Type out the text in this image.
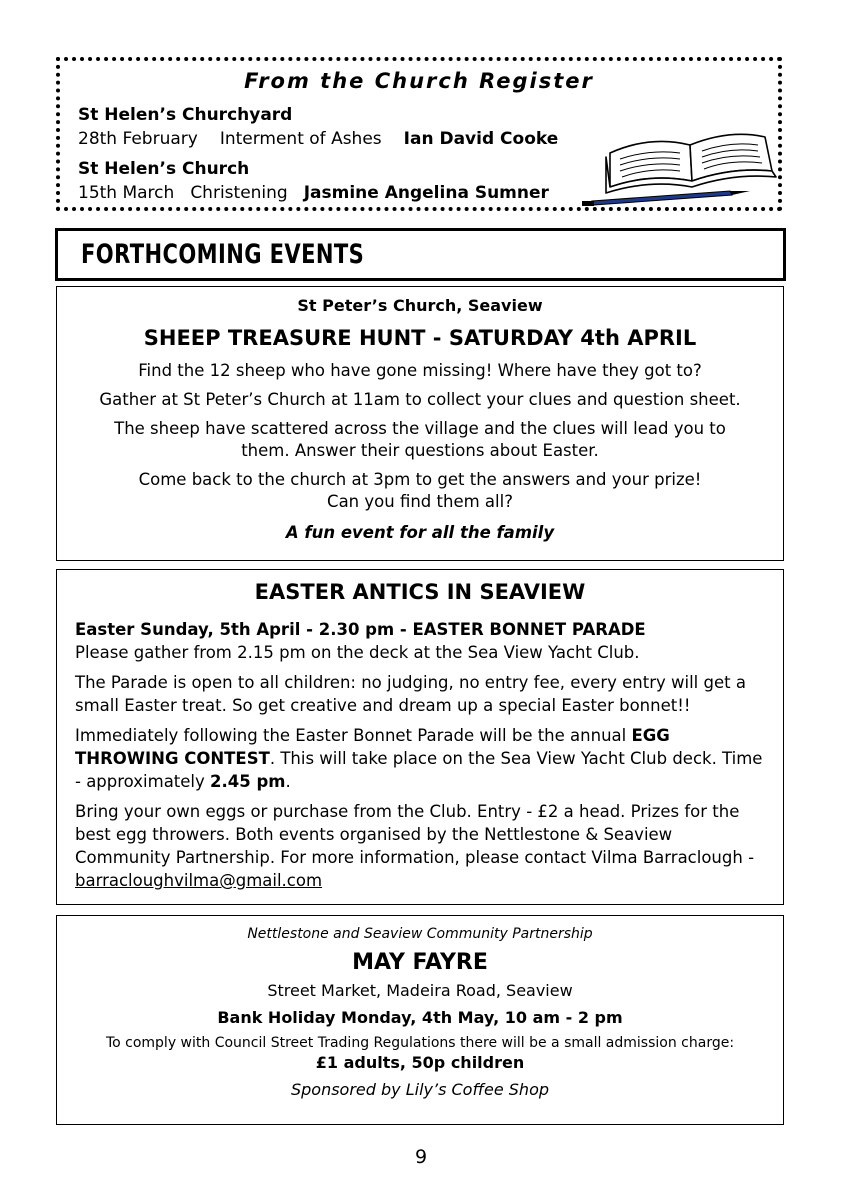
From the Church Register
St Helen’s Churchyard
28th February Interment of Ashes Ian David Cooke
St Helen’s Church
15th March Christening Jasmine Angelina Sumner
FORTHCOMING EVENTS
St Peter’s Church, Seaview
SHEEP TREASURE HUNT - SATURDAY 4th APRIL

Find the 12 sheep who have gone missing! Where have they got to?

Gather at St Peter’s Church at 11am to collect your clues and question sheet.

The sheep have scattered across the village and the clues will lead you to
them. Answer their questions about Easter.

Come back to the church at 3pm to get the answers and your prize!
Can you find them all?

A fun event for all the family

EASTER ANTICS IN SEAVIEW

Easter Sunday, 5th April - 2.30 pm - EASTER BONNET PARADE
Please gather from 2.15 pm on the deck at the Sea View Yacht Club.

The Parade is open to all children: no judging, no entry fee, every entry will get a small Easter treat. So get creative and dream up a special Easter bonnet!!

Immediately following the Easter Bonnet Parade will be the annual EGG THROWING CONTEST. This will take place on the Sea View Yacht Club deck. Time - approximately 2.45 pm.

Bring your own eggs or purchase from the Club. Entry - £2 a head. Prizes for the best egg throwers. Both events organised by the Nettlestone & Seaview Community Partnership. For more information, please contact Vilma Barraclough - barracloughvilma@gmail.com

Nettlestone and Seaview Community Partnership
MAY FAYRE
Street Market, Madeira Road, Seaview
Bank Holiday Monday, 4th May, 10 am - 2 pm
To comply with Council Street Trading Regulations there will be a small admission charge:
£1 adults, 50p children
Sponsored by Lily’s Coffee Shop
9
